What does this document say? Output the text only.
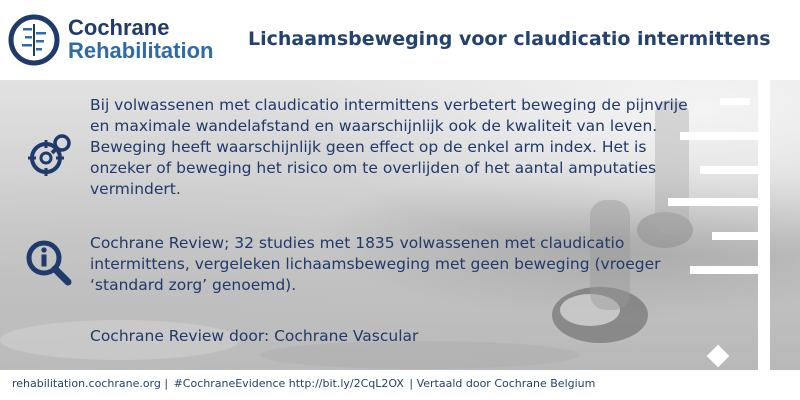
Cochrane
Rehabilitation Lichaamsbeweging voor claudicatio intermittens
Bij volwassenen met claudicatio intermittens verbetert beweging de pijnvrije en maximale wandelafstand en waarschijnlijk ook de kwaliteit van leven. Beweging heeft waarschijnlijk geen effect op de enkel arm index. Het is onzeker of beweging het risico om te overlijden of het aantal amputaties vermindert.
Cochrane Review; 32 studies met 1835 volwassenen met claudicatio intermittens, vergeleken lichaamsbeweging met geen beweging (vroeger ‘standard zorg’ genoemd).
Cochrane Review door: Cochrane Vascular
rehabilitation.cochrane.org | #CochraneEvidence http://bit.ly/2CqL2OX | Vertaald door Cochrane Belgium
